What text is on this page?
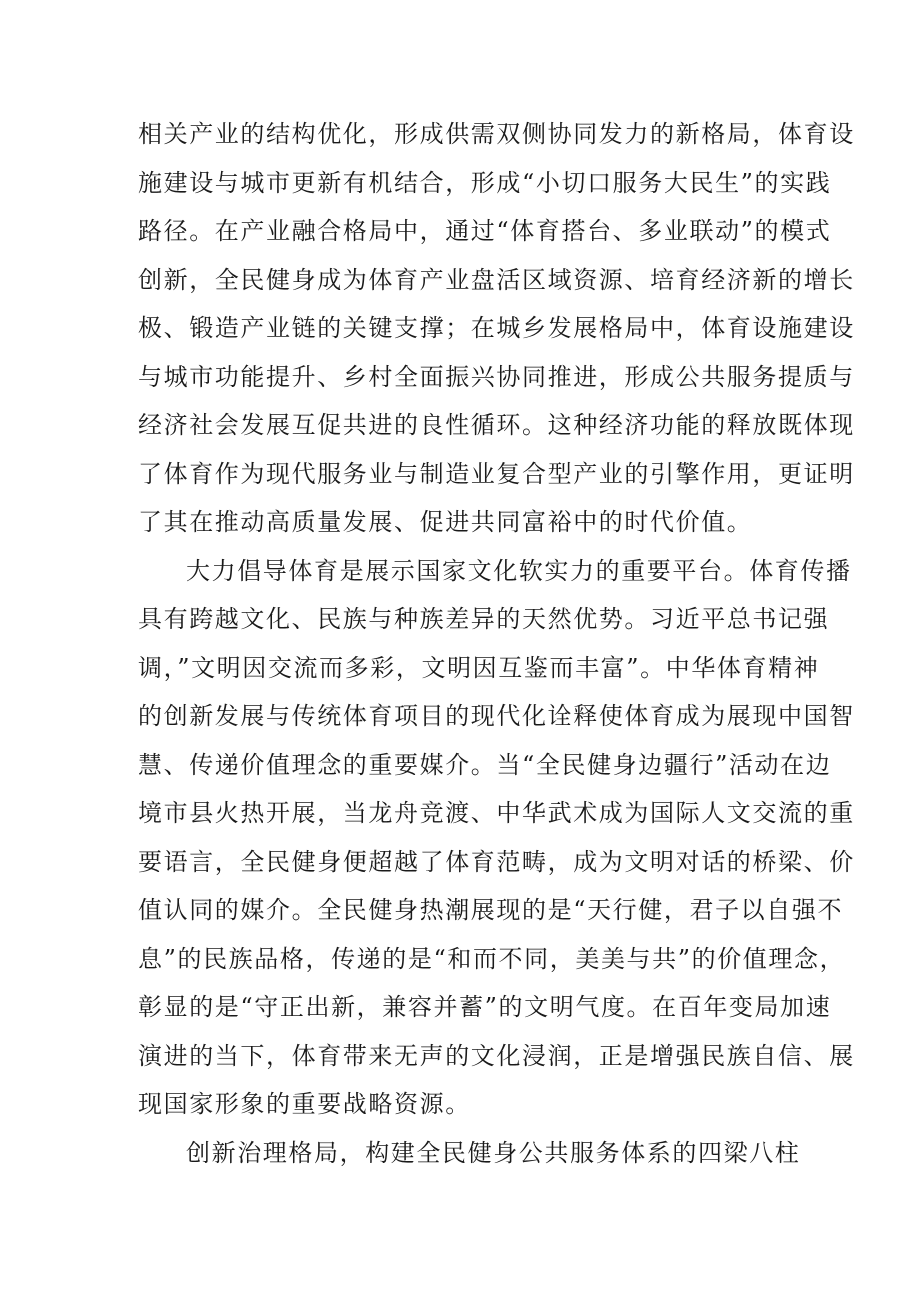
相关产业的结构优化，形成供需双侧协同发力的新格局，体育设
施建设与城市更新有机结合，形成“小切口服务大民生”的实践
路径。在产业融合格局中，通过“体育搭台、多业联动”的模式
创新，全民健身成为体育产业盘活区域资源、培育经济新的增长
极、锻造产业链的关键支撑；在城乡发展格局中，体育设施建设
与城市功能提升、乡村全面振兴协同推进，形成公共服务提质与
经济社会发展互促共进的良性循环。这种经济功能的释放既体现
了体育作为现代服务业与制造业复合型产业的引擎作用，更证明
了其在推动高质量发展、促进共同富裕中的时代价值。
大力倡导体育是展示国家文化软实力的重要平台。体育传播
具有跨越文化、民族与种族差异的天然优势。习近平总书记强
调，”文明因交流而多彩，文明因互鉴而丰富”。中华体育精神
的创新发展与传统体育项目的现代化诠释使体育成为展现中国智
慧、传递价值理念的重要媒介。当“全民健身边疆行”活动在边
境市县火热开展，当龙舟竞渡、中华武术成为国际人文交流的重
要语言，全民健身便超越了体育范畴，成为文明对话的桥梁、价
值认同的媒介。全民健身热潮展现的是“天行健，君子以自强不
息”的民族品格，传递的是“和而不同，美美与共”的价值理念，
彰显的是“守正出新，兼容并蓄”的文明气度。在百年变局加速
演进的当下，体育带来无声的文化浸润，正是增强民族自信、展
现国家形象的重要战略资源。
创新治理格局，构建全民健身公共服务体系的四梁八柱
